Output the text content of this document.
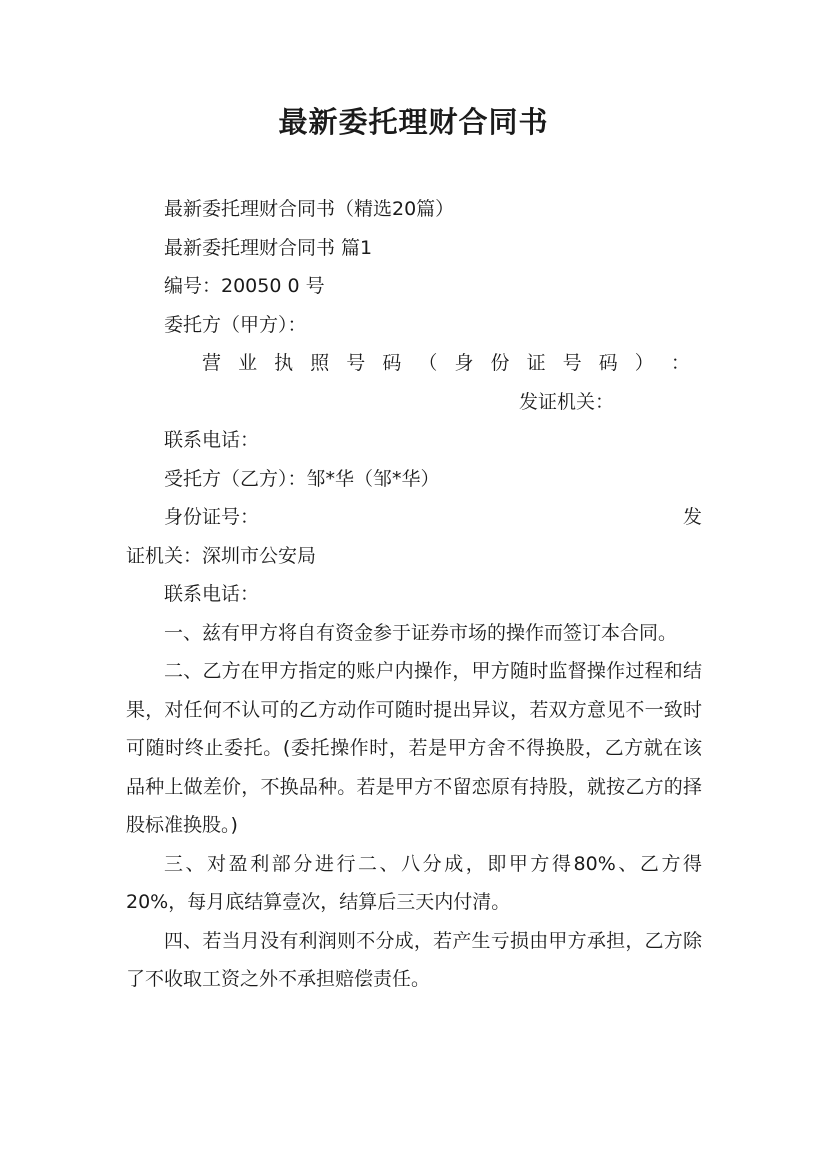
最新委托理财合同书

最新委托理财合同书（精选20篇）

最新委托理财合同书 篇1

编号：20050 0 号

委托方（甲方）：

营 业 执 照 号 码 （ 身 份 证 号 码 ） ：

发证机关：

联系电话：

受托方（乙方）：邹*华（邹*华）

身份证号：	发

证机关：深圳市公安局

联系电话：

一、兹有甲方将自有资金参于证券市场的操作而签订本合同。

二、乙方在甲方指定的账户内操作，甲方随时监督操作过程和结果，对任何不认可的乙方动作可随时提出异议，若双方意见不一致时可随时终止委托。(委托操作时，若是甲方舍不得换股，乙方就在该品种上做差价，不换品种。若是甲方不留恋原有持股，就按乙方的择股标准换股。)

三、对盈利部分进行二、八分成，即甲方得80%、乙方得20%，每月底结算壹次，结算后三天内付清。

四、若当月没有利润则不分成，若产生亏损由甲方承担，乙方除了不收取工资之外不承担赔偿责任。
